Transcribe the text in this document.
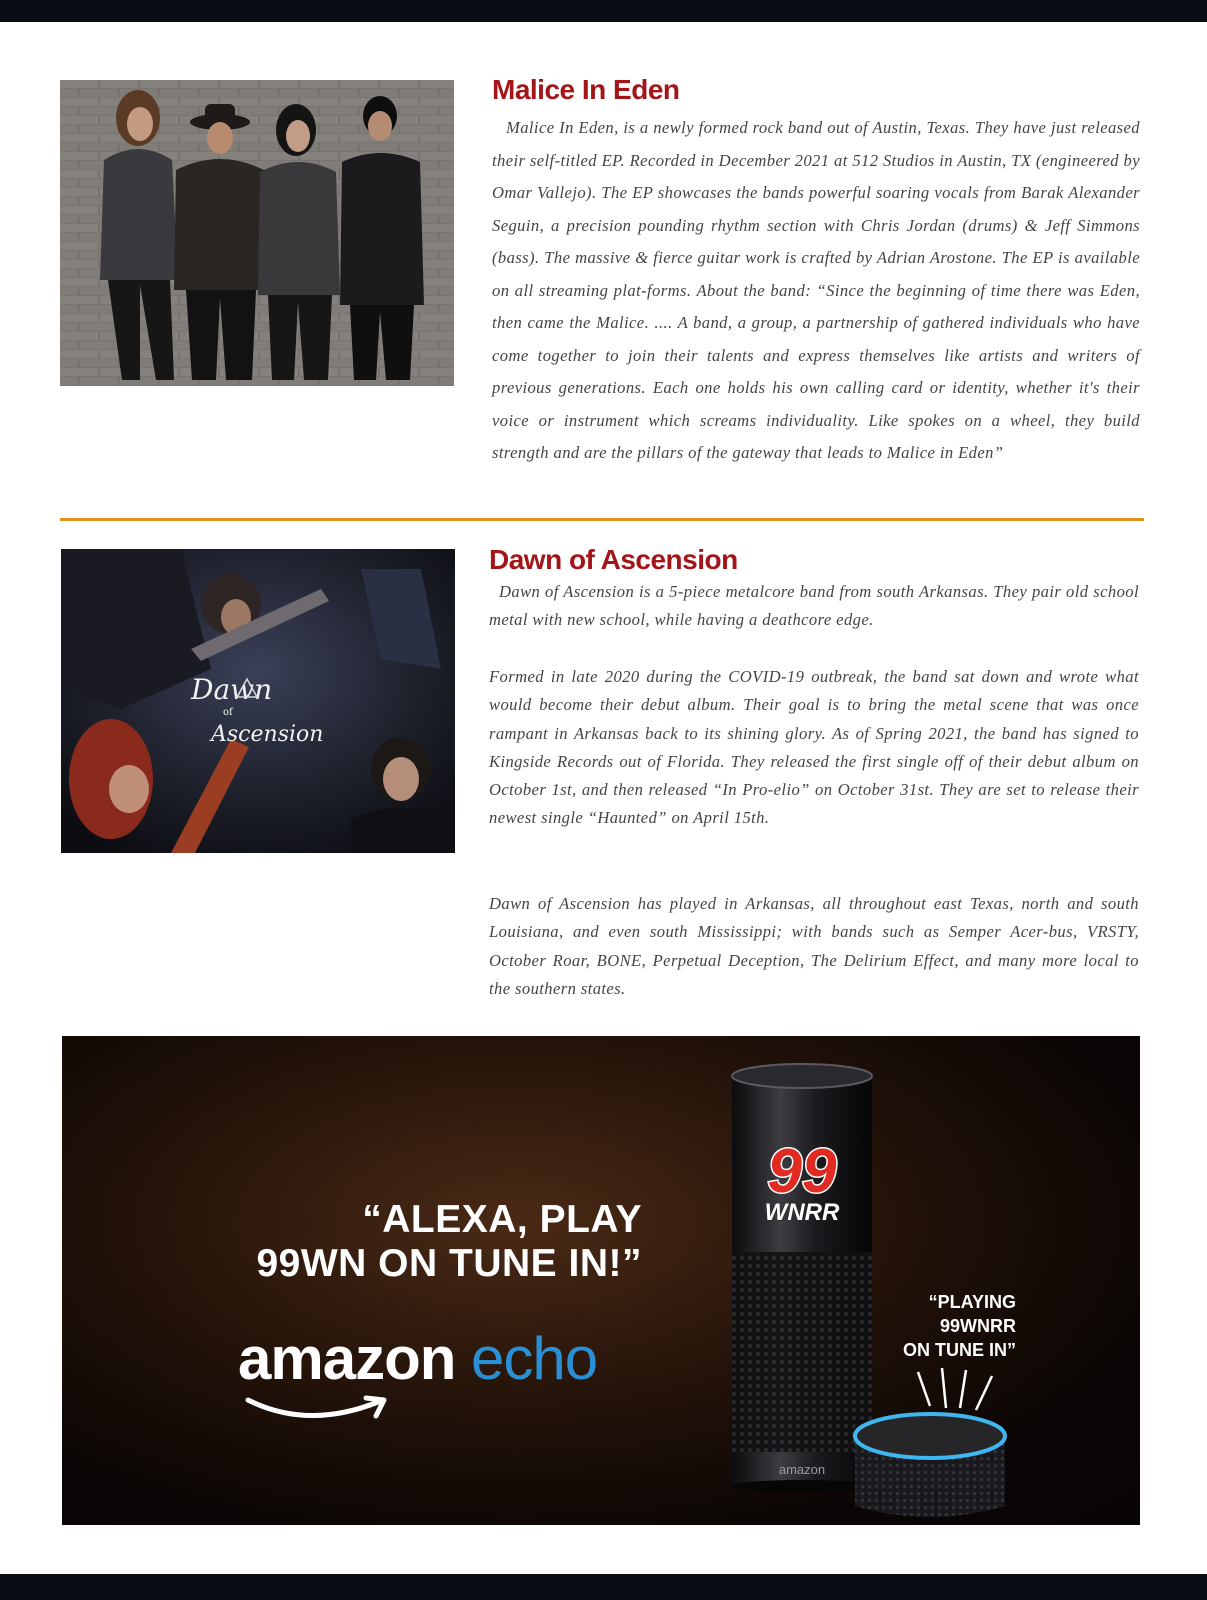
Malice In Eden

Malice In Eden, is a newly formed rock band out of Austin, Texas. They have just released their self-titled EP. Recorded in December 2021 at 512 Studios in Austin, TX (engineered by Omar Vallejo). The EP showcases the bands powerful soaring vocals from Barak Alexander Seguin, a precision pounding rhythm section with Chris Jordan (drums) & Jeff Simmons (bass). The massive & fierce guitar work is crafted by Adrian Arostone. The EP is available on all streaming plat-forms. About the band: “Since the beginning of time there was Eden, then came the Malice. .... A band, a group, a partnership of gathered individuals who have come together to join their talents and express themselves like artists and writers of previous generations. Each one holds his own calling card or identity, whether it's their voice or instrument which screams individuality. Like spokes on a wheel, they build strength and are the pillars of the gateway that leads to Malice in Eden”

Dawn
of
Ascension
Dawn of Ascension

Dawn of Ascension is a 5-piece metalcore band from south Arkansas. They pair old school metal with new school, while having a deathcore edge.

Formed in late 2020 during the COVID-19 outbreak, the band sat down and wrote what would become their debut album. Their goal is to bring the metal scene that was once rampant in Arkansas back to its shining glory. As of Spring 2021, the band has signed to Kingside Records out of Florida. They released the first single off of their debut album on October 1st, and then released “In Pro-elio” on October 31st. They are set to release their newest single “Haunted” on April 15th.

Dawn of Ascension has played in Arkansas, all throughout east Texas, north and south Louisiana, and even south Mississippi; with bands such as Semper Acer-bus, VRSTY, October Roar, BONE, Perpetual Deception, The Delirium Effect, and many more local to the southern states.

“ALEXA, PLAY
99WN ON TUNE IN!”
amazon echo
99
WNRR
amazon
“PLAYING
99WNRR
ON TUNE IN”
